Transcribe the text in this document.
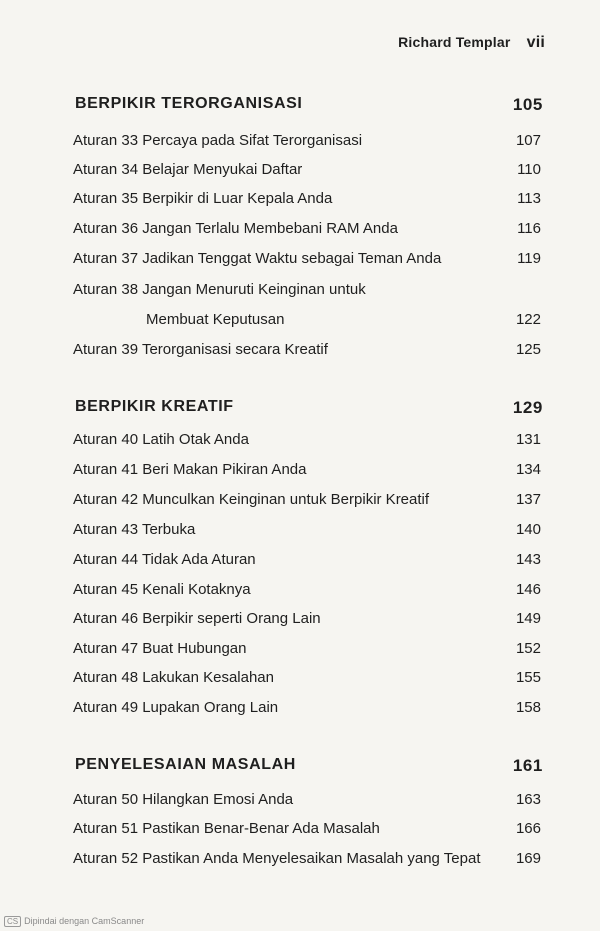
Richard Templar vii
BERPIKIR TERORGANISASI	105
Aturan 33 Percaya pada Sifat Terorganisasi	107
Aturan 34 Belajar Menyukai Daftar	110
Aturan 35 Berpikir di Luar Kepala Anda	113
Aturan 36 Jangan Terlalu Membebani RAM Anda	116
Aturan 37 Jadikan Tenggat Waktu sebagai Teman Anda	119
Aturan 38 Jangan Menuruti Keinginan untuk
Membuat Keputusan	122
Aturan 39 Terorganisasi secara Kreatif	125
BERPIKIR KREATIF	129
Aturan 40 Latih Otak Anda	131
Aturan 41 Beri Makan Pikiran Anda	134
Aturan 42 Munculkan Keinginan untuk Berpikir Kreatif	137
Aturan 43 Terbuka	140
Aturan 44 Tidak Ada Aturan	143
Aturan 45 Kenali Kotaknya	146
Aturan 46 Berpikir seperti Orang Lain	149
Aturan 47 Buat Hubungan	152
Aturan 48 Lakukan Kesalahan	155
Aturan 49 Lupakan Orang Lain	158
PENYELESAIAN MASALAH	161
Aturan 50 Hilangkan Emosi Anda	163
Aturan 51 Pastikan Benar-Benar Ada Masalah	166
Aturan 52 Pastikan Anda Menyelesaikan Masalah yang Tepat 169
CS Dipindai dengan CamScanner
